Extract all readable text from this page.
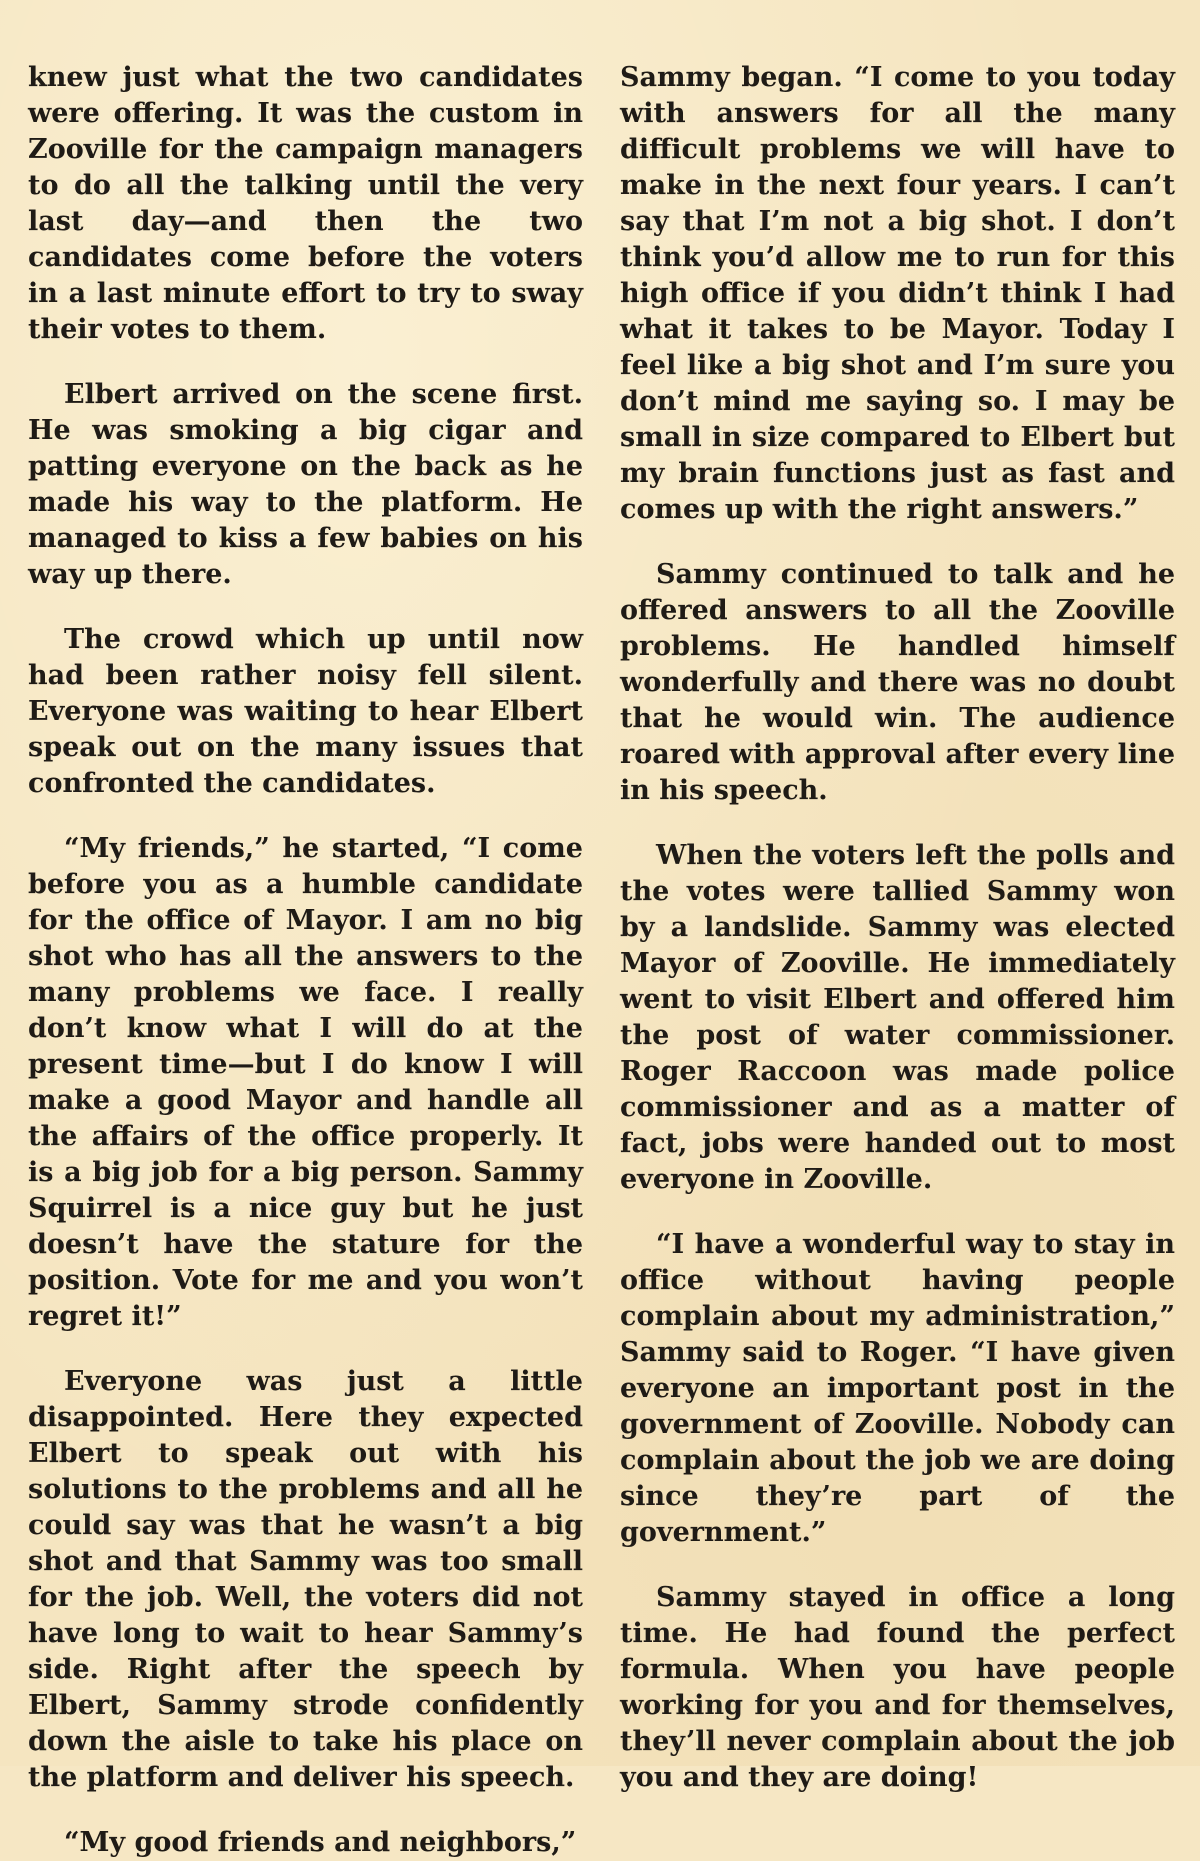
knew just what the two candidates were offering. It was the custom in Zooville for the campaign managers to do all the talking until the very last day—and then the two candidates come before the voters in a last minute effort to try to sway their votes to them.

Elbert arrived on the scene first. He was smoking a big cigar and patting everyone on the back as he made his way to the platform. He managed to kiss a few babies on his way up there.

The crowd which up until now had been rather noisy fell silent. Everyone was waiting to hear Elbert speak out on the many issues that confronted the candidates.

“My friends,” he started, “I come before you as a humble candidate for the office of Mayor. I am no big shot who has all the answers to the many problems we face. I really don’t know what I will do at the present time—but I do know I will make a good Mayor and handle all the affairs of the office properly. It is a big job for a big person. Sammy Squirrel is a nice guy but he just doesn’t have the stature for the position. Vote for me and you won’t regret it!”

Everyone was just a little disappointed. Here they expected Elbert to speak out with his solutions to the problems and all he could say was that he wasn’t a big shot and that Sammy was too small for the job. Well, the voters did not have long to wait to hear Sammy’s side. Right after the speech by Elbert, Sammy strode confidently down the aisle to take his place on the platform and deliver his speech.

“My good friends and neighbors,”

Sammy began. “I come to you today with answers for all the many difficult problems we will have to make in the next four years. I can’t say that I’m not a big shot. I don’t think you’d allow me to run for this high office if you didn’t think I had what it takes to be Mayor. Today I feel like a big shot and I’m sure you don’t mind me saying so. I may be small in size compared to Elbert but my brain functions just as fast and comes up with the right answers.”

Sammy continued to talk and he offered answers to all the Zooville problems. He handled himself wonderfully and there was no doubt that he would win. The audience roared with approval after every line in his speech.

When the voters left the polls and the votes were tallied Sammy won by a landslide. Sammy was elected Mayor of Zooville. He immediately went to visit Elbert and offered him the post of water commissioner. Roger Raccoon was made police commissioner and as a matter of fact, jobs were handed out to most everyone in Zooville.

“I have a wonderful way to stay in office without having people complain about my administration,” Sammy said to Roger. “I have given everyone an important post in the government of Zooville. Nobody can complain about the job we are doing since they’re part of the government.”

Sammy stayed in office a long time. He had found the perfect formula. When you have people working for you and for themselves, they’ll never complain about the job you and they are doing!
